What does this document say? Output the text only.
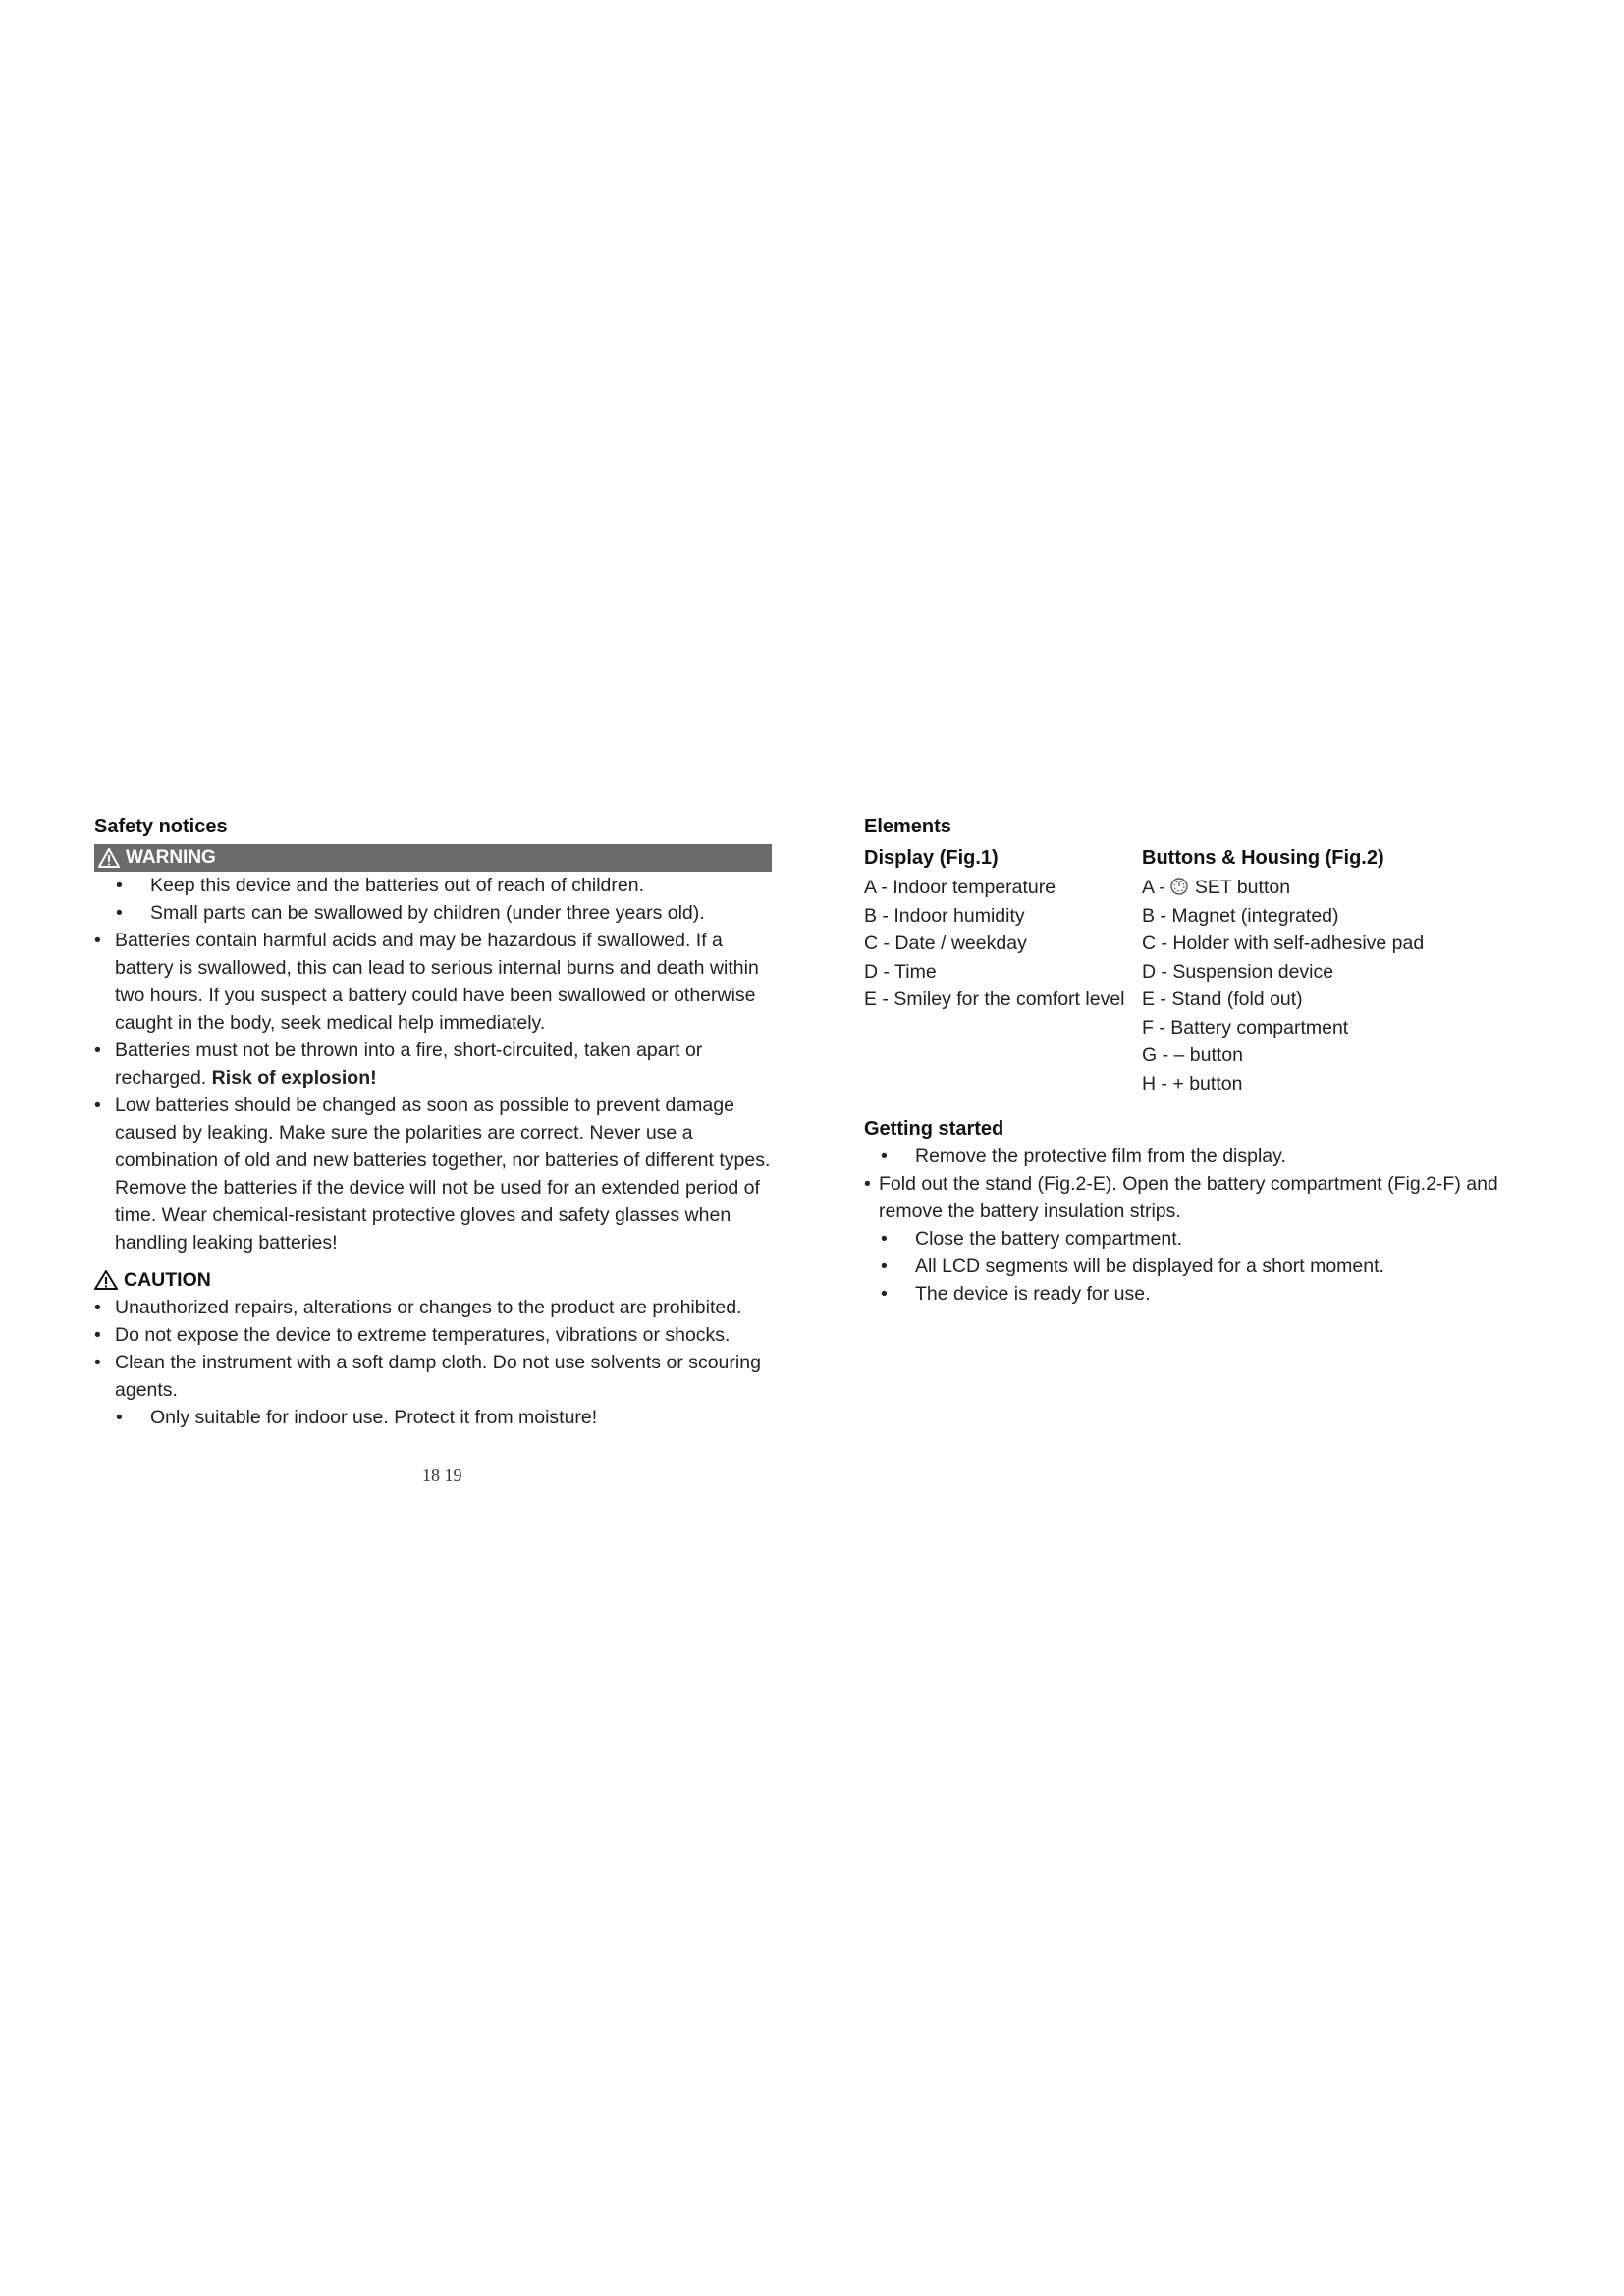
Safety notices
WARNING
• Keep this device and the batteries out of reach of children.
• Small parts can be swallowed by children (under three years old).
• Batteries contain harmful acids and may be hazardous if swallowed. If a battery is swallowed, this can lead to serious internal burns and death within two hours. If you suspect a battery could have been swallowed or otherwise caught in the body, seek medical help immediately.
• Batteries must not be thrown into a fire, short-circuited, taken apart or recharged. Risk of explosion!
• Low batteries should be changed as soon as possible to prevent damage caused by leaking. Make sure the polarities are correct. Never use a combination of old and new batteries together, nor batteries of different types. Remove the batteries if the device will not be used for an extended period of time. Wear chemical-resistant protective gloves and safety glasses when handling leaking batteries!
CAUTION
• Unauthorized repairs, alterations or changes to the product are prohibited.
• Do not expose the device to extreme temperatures, vibrations or shocks.
• Clean the instrument with a soft damp cloth. Do not use solvents or scouring agents.
• Only suitable for indoor use. Protect it from moisture!
18 19
Elements
Display (Fig.1)
A - Indoor temperature
B - Indoor humidity
C - Date / weekday
D - Time
E - Smiley for the comfort level
Buttons & Housing (Fig.2)
A - SET button
B - Magnet (integrated)
C - Holder with self-adhesive pad
D - Suspension device
E - Stand (fold out)
F - Battery compartment
G - – button
H - + button
Getting started
• Remove the protective film from the display.
• Fold out the stand (Fig.2-E). Open the battery compartment (Fig.2-F) and remove the battery insulation strips.
• Close the battery compartment.
• All LCD segments will be displayed for a short moment.
• The device is ready for use.
